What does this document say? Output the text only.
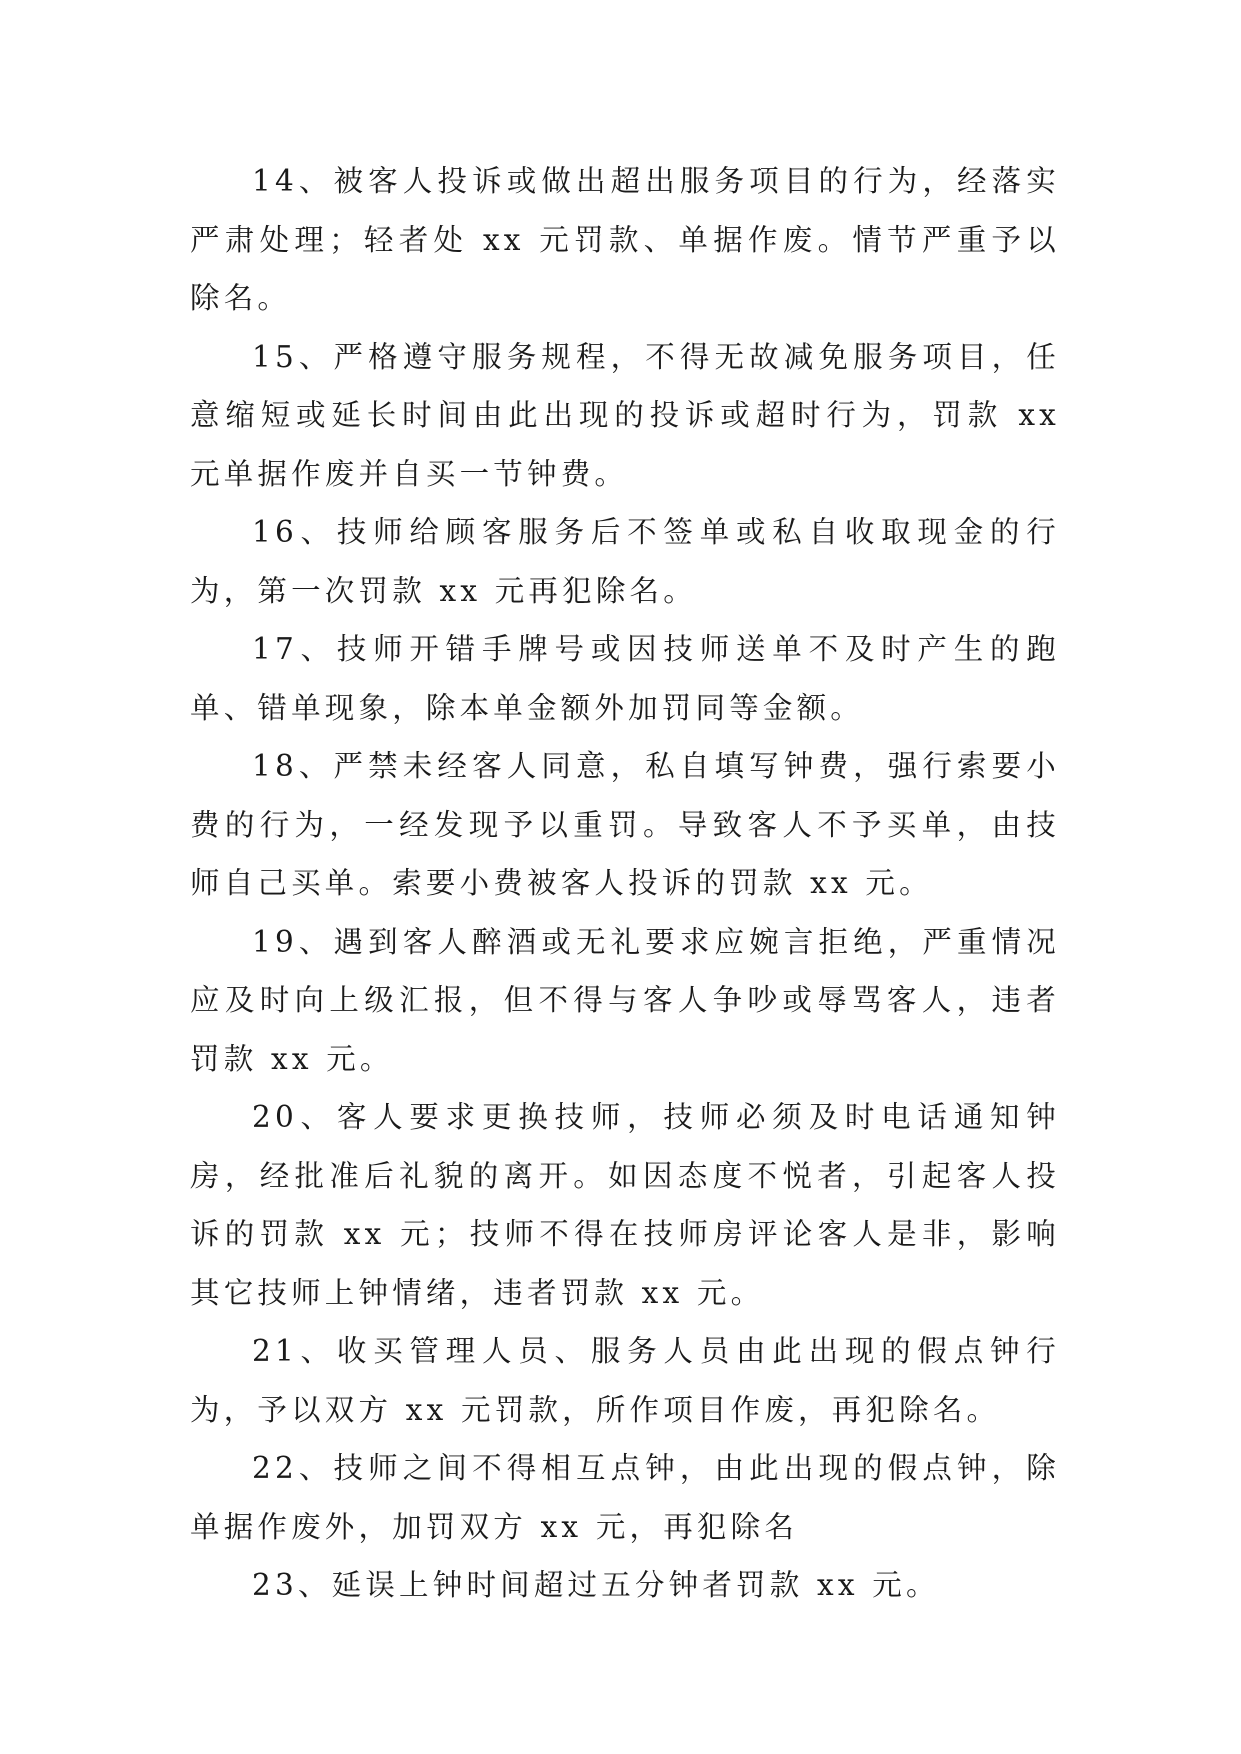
14、被客人投诉或做出超出服务项目的行为，经落实严肃处理；轻者处 xx 元罚款、单据作废。情节严重予以除名。

15、严格遵守服务规程，不得无故减免服务项目，任意缩短或延长时间由此出现的投诉或超时行为，罚款 xx 元单据作废并自买一节钟费。

16、技师给顾客服务后不签单或私自收取现金的行为，第一次罚款 xx 元再犯除名。

17、技师开错手牌号或因技师送单不及时产生的跑单、错单现象，除本单金额外加罚同等金额。

18、严禁未经客人同意，私自填写钟费，强行索要小费的行为，一经发现予以重罚。导致客人不予买单，由技师自己买单。索要小费被客人投诉的罚款 xx 元。

19、遇到客人醉酒或无礼要求应婉言拒绝，严重情况应及时向上级汇报，但不得与客人争吵或辱骂客人，违者罚款 xx 元。

20、客人要求更换技师，技师必须及时电话通知钟房，经批准后礼貌的离开。如因态度不悦者，引起客人投诉的罚款 xx 元；技师不得在技师房评论客人是非，影响其它技师上钟情绪，违者罚款 xx 元。

21、收买管理人员、服务人员由此出现的假点钟行为，予以双方 xx 元罚款，所作项目作废，再犯除名。

22、技师之间不得相互点钟，由此出现的假点钟，除单据作废外，加罚双方 xx 元，再犯除名

23、延误上钟时间超过五分钟者罚款 xx 元。
